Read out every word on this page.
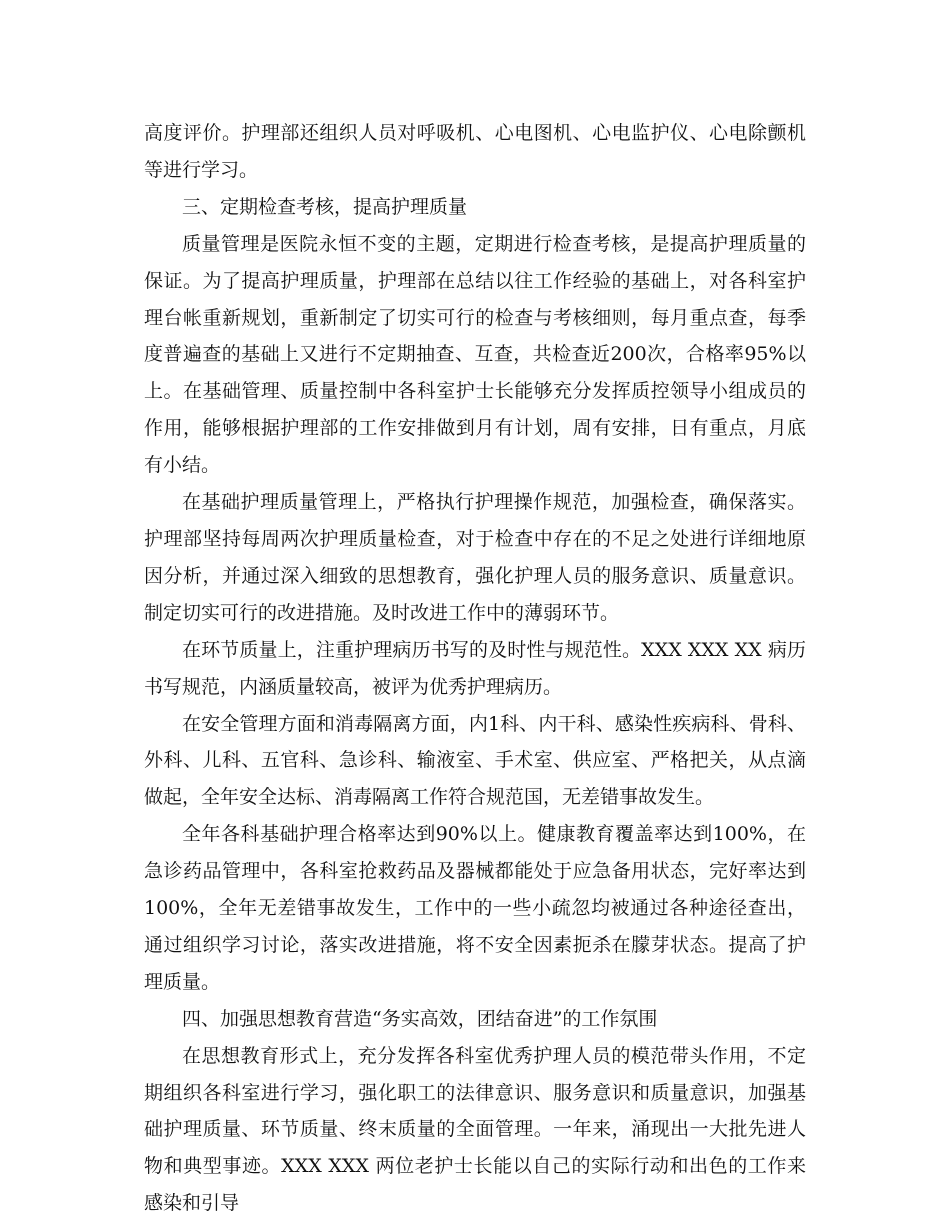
高度评价。护理部还组织人员对呼吸机、心电图机、心电监护仪、心电除颤机等进行学习。

三、定期检查考核，提高护理质量

质量管理是医院永恒不变的主题，定期进行检查考核，是提高护理质量的保证。为了提高护理质量，护理部在总结以往工作经验的基础上，对各科室护理台帐重新规划，重新制定了切实可行的检查与考核细则，每月重点查，每季度普遍查的基础上又进行不定期抽查、互查，共检查近200次，合格率95%以上。在基础管理、质量控制中各科室护士长能够充分发挥质控领导小组成员的作用，能够根据护理部的工作安排做到月有计划，周有安排，日有重点，月底有小结。

在基础护理质量管理上，严格执行护理操作规范，加强检查，确保落实。护理部坚持每周两次护理质量检查，对于检查中存在的不足之处进行详细地原因分析，并通过深入细致的思想教育，强化护理人员的服务意识、质量意识。制定切实可行的改进措施。及时改进工作中的薄弱环节。

在环节质量上，注重护理病历书写的及时性与规范性。XXX XXX XX 病历书写规范，内涵质量较高，被评为优秀护理病历。

在安全管理方面和消毒隔离方面，内1科、内干科、感染性疾病科、骨科、外科、儿科、五官科、急诊科、输液室、手术室、供应室、严格把关，从点滴做起，全年安全达标、消毒隔离工作符合规范国，无差错事故发生。

全年各科基础护理合格率达到90%以上。健康教育覆盖率达到100%，在急诊药品管理中，各科室抢救药品及器械都能处于应急备用状态，完好率达到100%，全年无差错事故发生，工作中的一些小疏忽均被通过各种途径查出，通过组织学习讨论，落实改进措施，将不安全因素扼杀在朦芽状态。提高了护理质量。

四、加强思想教育营造“务实高效，团结奋进”的工作氛围

在思想教育形式上，充分发挥各科室优秀护理人员的模范带头作用，不定期组织各科室进行学习，强化职工的法律意识、服务意识和质量意识，加强基础护理质量、环节质量、终末质量的全面管理。一年来，涌现出一大批先进人物和典型事迹。XXX XXX 两位老护士长能以自己的实际行动和出色的工作来感染和引导
